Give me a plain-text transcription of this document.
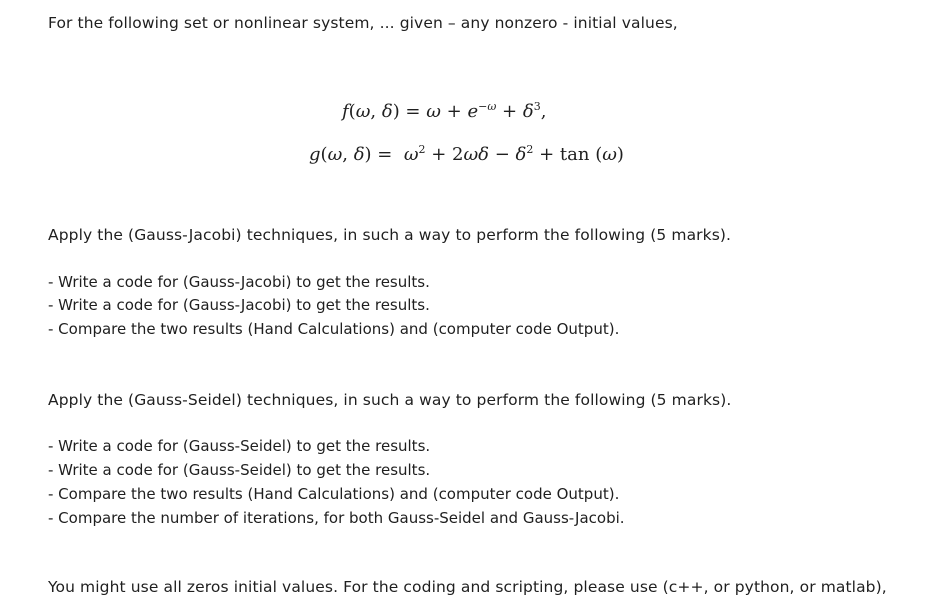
For the following set or nonlinear system, ... given – any nonzero - initial values,
f(ω, $\delta) = \omega + e^{-\omega} + \delta^3$,
g(ω, $\delta) = \omega^2 + 2\omega\delta - \delta^2 + \tan (\omega)$
Apply the (Gauss-Jacobi) techniques, in such a way to perform the following (5 marks).
- Write a code for (Gauss-Jacobi) to get the results.
- Write a code for (Gauss-Jacobi) to get the results.
- Compare the two results (Hand Calculations) and (computer code Output).
Apply the (Gauss-Seidel) techniques, in such a way to perform the following (5 marks).
- Write a code for (Gauss-Seidel) to get the results.
- Write a code for (Gauss-Seidel) to get the results.
- Compare the two results (Hand Calculations) and (computer code Output).
- Compare the number of iterations, for both Gauss-Seidel and Gauss-Jacobi.
You might use all zeros initial values. For the coding and scripting, please use (c++, or python, or matlab),
